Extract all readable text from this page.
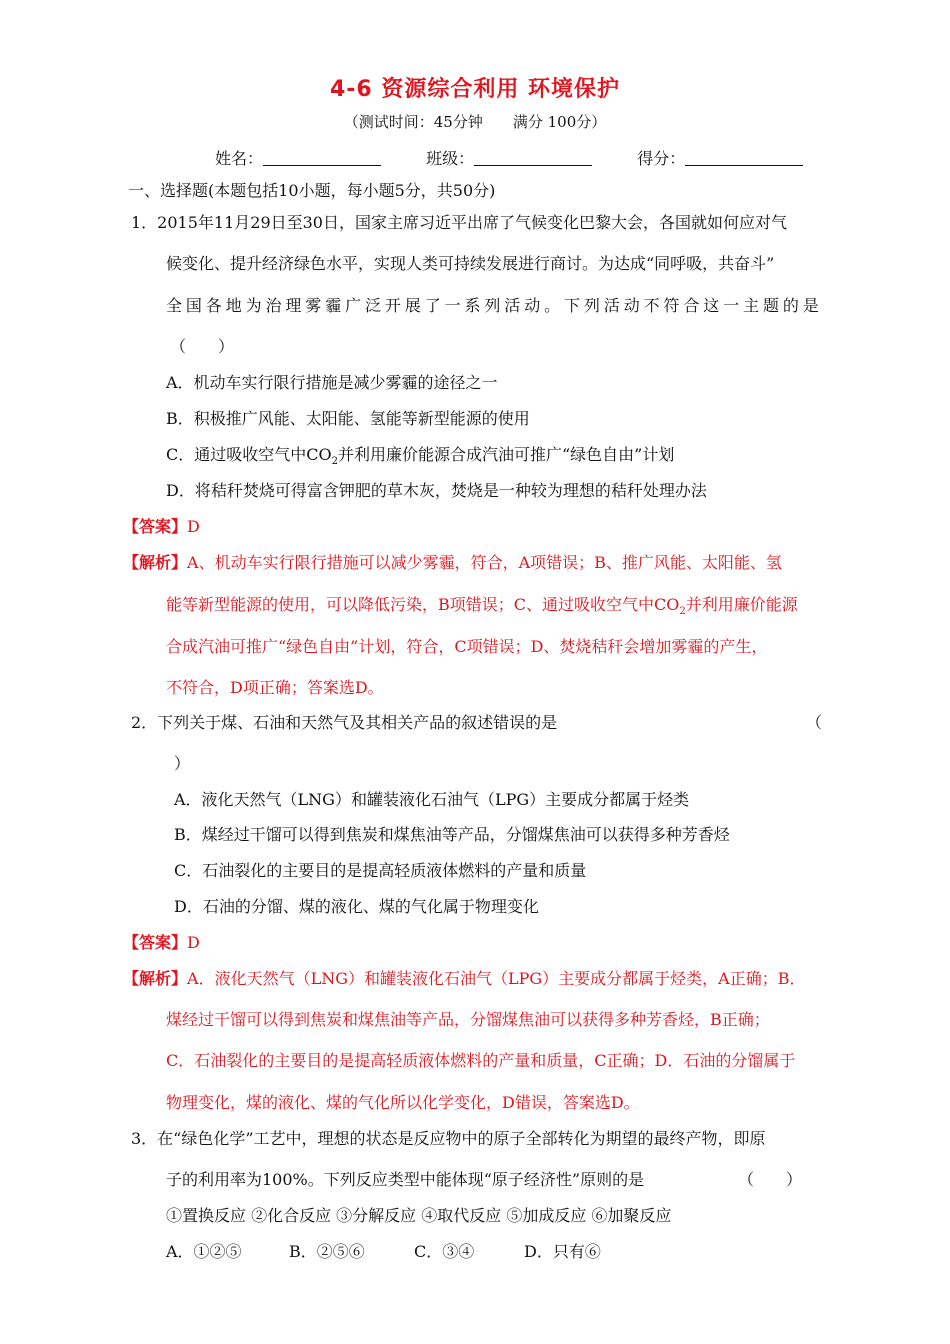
4-6 资源综合利用 环境保护
（测试时间：45分钟 满分 100分）
姓名：	班级：	得分：
一、选择题(本题包括10小题，每小题5分，共50分)
1．2015年11月29日至30日，国家主席习近平出席了气候变化巴黎大会，各国就如何应对气
候变化、提升经济绿色水平，实现人类可持续发展进行商讨。为达成“同呼吸，共奋斗”
全国各地为治理雾霾广泛开展了一系列活动。下列活动不符合这一主题的是
（　　）
A．机动车实行限行措施是减少雾霾的途径之一
B．积极推广风能、太阳能、氢能等新型能源的使用
C．通过吸收空气中$CO_2$并利用廉价能源合成汽油可推广“绿色自由”计划
D．将秸秆焚烧可得富含钾肥的草木灰，焚烧是一种较为理想的秸秆处理办法
【答案】D
【解析】A、机动车实行限行措施可以减少雾霾，符合，A项错误；B、推广风能、太阳能、氢
能等新型能源的使用，可以降低污染，B项错误；C、通过吸收空气中$CO_2$并利用廉价能源
合成汽油可推广“绿色自由”计划，符合，C项错误；D、焚烧秸秆会增加雾霾的产生，
不符合，D项正确；答案选D。
2．下列关于煤、石油和天然气及其相关产品的叙述错误的是	（
）
A．液化天然气（LNG）和罐装液化石油气（LPG）主要成分都属于烃类
B．煤经过干馏可以得到焦炭和煤焦油等产品，分馏煤焦油可以获得多种芳香烃
C．石油裂化的主要目的是提高轻质液体燃料的产量和质量
D．石油的分馏、煤的液化、煤的气化属于物理变化
【答案】D
【解析】A．液化天然气（LNG）和罐装液化石油气（LPG）主要成分都属于烃类，A正确；B．
煤经过干馏可以得到焦炭和煤焦油等产品，分馏煤焦油可以获得多种芳香烃，B正确；
C．石油裂化的主要目的是提高轻质液体燃料的产量和质量，C正确；D．石油的分馏属于
物理变化，煤的液化、煤的气化所以化学变化，D错误，答案选D。
3．在“绿色化学”工艺中，理想的状态是反应物中的原子全部转化为期望的最终产物，即原
子的利用率为100%。下列反应类型中能体现“原子经济性”原则的是	（　　）
①置换反应 ②化合反应 ③分解反应 ④取代反应 ⑤加成反应 ⑥加聚反应
A．①②⑤	B．②⑤⑥	C．③④	D．只有⑥
